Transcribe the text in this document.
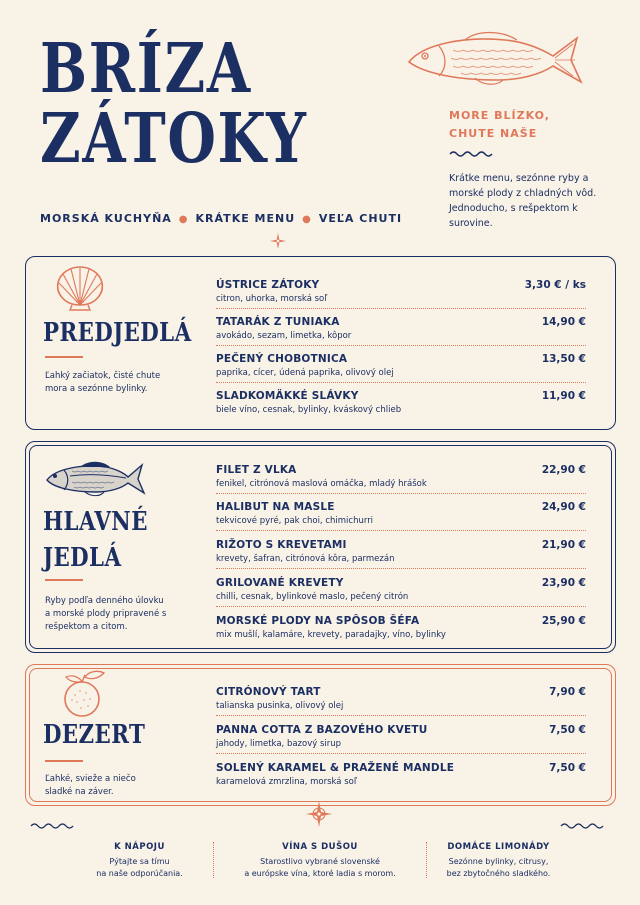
BRÍZA
ZÁTOKY
MORSKÁ KUCHYŇA ● KRÁTKE MENU ● VEĽA CHUTI
MORE BLÍZKO,
CHUTE NAŠE
Krátke menu, sezónne ryby a morské plody z chladných vôd. Jednoducho, s rešpektom k surovine.
PREDJEDLÁ
Ľahký začiatok, čisté chute mora a sezónne bylinky.
ÚSTRICE ZÁTOKY
citron, uhorka, morská soľ
3,30 € / ks
TATARÁK Z TUNIAKA
avokádo, sezam, limetka, kôpor
14,90 €
PEČENÝ CHOBOTNICA
paprika, cícer, údená paprika, olivový olej
13,50 €
SLADKOMÄKKÉ SLÁVKY
biele víno, cesnak, bylinky, kváskový chlieb
11,90 €
HLAVNÉ
JEDLÁ
Ryby podľa denného úlovku a morské plody pripravené s rešpektom a citom.
FILET Z VLKA
fenikel, citrónová maslová omáčka, mladý hrášok
22,90 €
HALIBUT NA MASLE
tekvicové pyré, pak choi, chimichurri
24,90 €
RIŽOTO S KREVETAMI
krevety, šafran, citrónová kôra, parmezán
21,90 €
GRILOVANÉ KREVETY
chilli, cesnak, bylinkové maslo, pečený citrón
23,90 €
MORSKÉ PLODY NA SPÔSOB ŠÉFA
mix mušlí, kalamáre, krevety, paradajky, víno, bylinky
25,90 €
DEZERT
Ľahké, svieže a niečo sladké na záver.
CITRÓNOVÝ TART
talianska pusinka, olivový olej
7,90 €
PANNA COTTA Z BAZOVÉHO KVETU
jahody, limetka, bazový sirup
7,50 €
SOLENÝ KARAMEL & PRAŽENÉ MANDLE
karamelová zmrzlina, morská soľ
7,50 €
K NÁPOJU
Pýtajte sa tímu
na naše odporúčania.
VÍNA S DUŠOU
Starostlivo vybrané slovenské
a európske vína, ktoré ladia s morom.
DOMÁCE LIMONÁDY
Sezónne bylinky, citrusy,
bez zbytočného sladkého.
